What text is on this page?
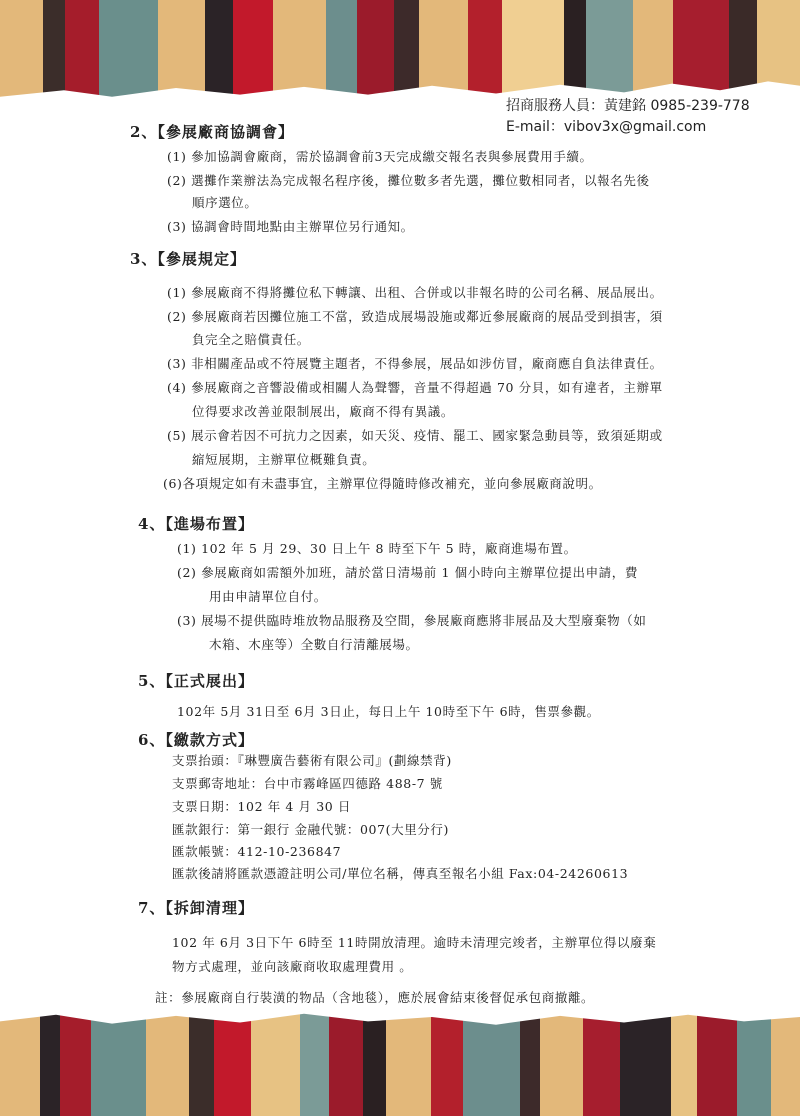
招商服務人員：黃建銘 0985-239-778
E-mail：vibov3x@gmail.com
2、【參展廠商協調會】
(1) 參加協調會廠商，需於協調會前3天完成繳交報名表與參展費用手續。
(2) 選攤作業辦法為完成報名程序後，攤位數多者先選，攤位數相同者，以報名先後
順序選位。
(3) 協調會時間地點由主辦單位另行通知。
3、【參展規定】
(1) 參展廠商不得將攤位私下轉讓、出租、合併或以非報名時的公司名稱、展品展出。
(2) 參展廠商若因攤位施工不當，致造成展場設施或鄰近參展廠商的展品受到損害，須
負完全之賠償責任。
(3) 非相關產品或不符展覽主題者，不得參展，展品如涉仿冒，廠商應自負法律責任。
(4) 參展廠商之音響設備或相關人為聲響，音量不得超過 70 分貝，如有違者，主辦單
位得要求改善並限制展出，廠商不得有異議。
(5) 展示會若因不可抗力之因素，如天災、疫情、罷工、國家緊急動員等，致須延期或
縮短展期，主辦單位概難負責。
(6)各項規定如有未盡事宜，主辦單位得隨時修改補充，並向參展廠商說明。
4、【進場布置】
(1) 102 年 5 月 29、30 日上午 8 時至下午 5 時，廠商進場布置。
(2) 參展廠商如需額外加班，請於當日清場前 1 個小時向主辦單位提出申請，費
用由申請單位自付。
(3) 展場不提供臨時堆放物品服務及空間，參展廠商應將非展品及大型廢棄物（如
木箱、木座等）全數自行清離展場。
5、【正式展出】
102年 5月 31日至 6月 3日止，每日上午 10時至下午 6時，售票參觀。
6、【繳款方式】
支票抬頭：『琳豐廣告藝術有限公司』(劃線禁背)
支票郵寄地址：台中市霧峰區四德路 488-7 號
支票日期：102 年 4 月 30 日
匯款銀行：第一銀行 金融代號：007(大里分行)
匯款帳號：412-10-236847
匯款後請將匯款憑證註明公司/單位名稱，傳真至報名小組 Fax:04-24260613
7、【拆卸清理】
102 年 6月 3日下午 6時至 11時開放清理。逾時未清理完竣者，主辦單位得以廢棄
物方式處理，並向該廠商收取處理費用 。
註：參展廠商自行裝潢的物品（含地毯），應於展會結束後督促承包商撤離。
